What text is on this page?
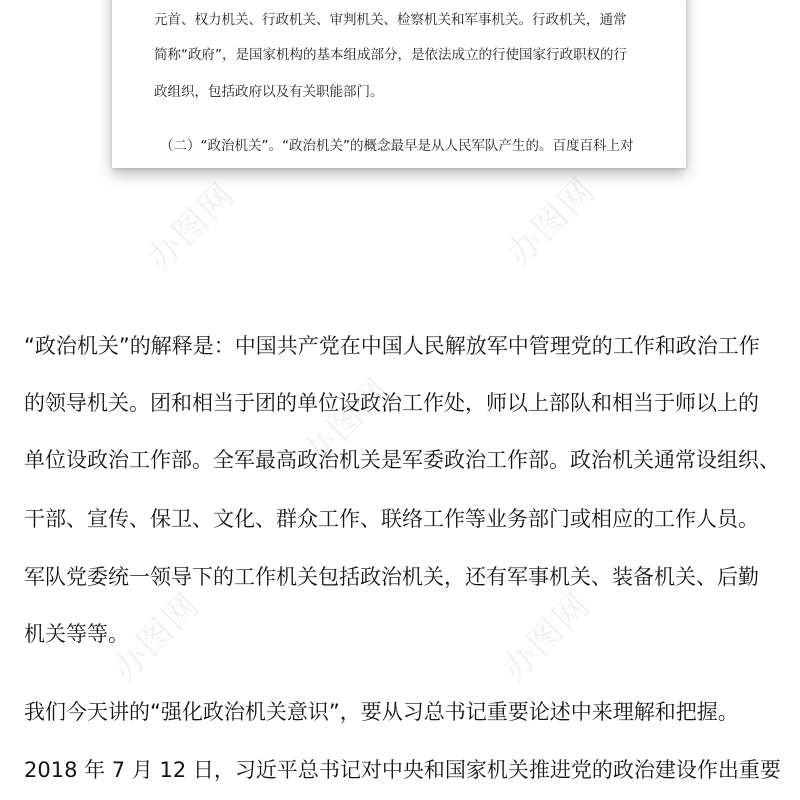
元首、权力机关、行政机关、审判机关、检察机关和军事机关。行政机关，通常
简称“政府”，是国家机构的基本组成部分，是依法成立的行使国家行政职权的行
政组织，包括政府以及有关职能部门。
（二）“政治机关”。“政治机关”的概念最早是从人民军队产生的。百度百科上对
“政治机关”的解释是：中国共产党在中国人民解放军中管理党的工作和政治工作
的领导机关。团和相当于团的单位设政治工作处，师以上部队和相当于师以上的
单位设政治工作部。全军最高政治机关是军委政治工作部。政治机关通常设组织、
干部、宣传、保卫、文化、群众工作、联络工作等业务部门或相应的工作人员。
军队党委统一领导下的工作机关包括政治机关，还有军事机关、装备机关、后勤
机关等等。
我们今天讲的“强化政治机关意识”，要从习总书记重要论述中来理解和把握。
2018 年 7 月 12 日，习近平总书记对中央和国家机关推进党的政治建设作出重要
办图网	办图网
办图网
办图网	办图网
